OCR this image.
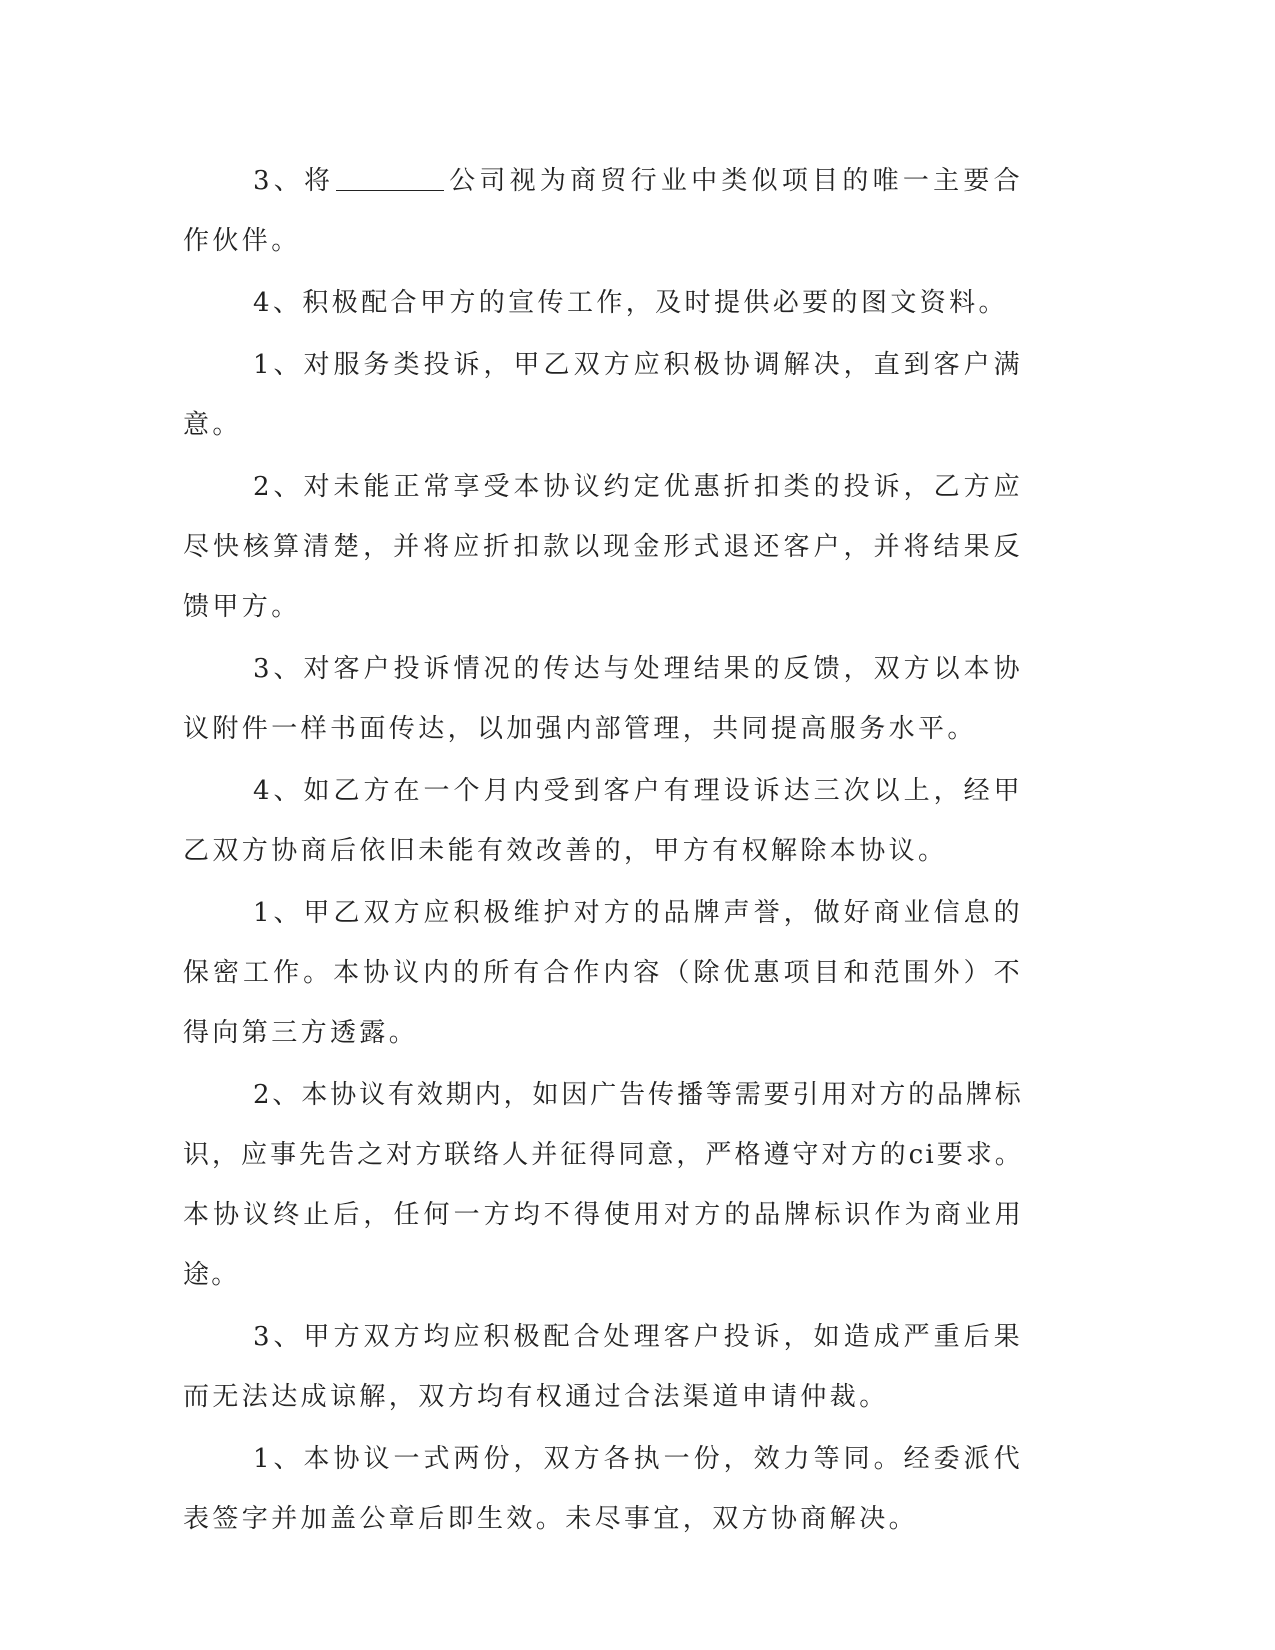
3、将	公司视为商贸行业中类似项目的唯一主要合作伙伴。

4、积极配合甲方的宣传工作，及时提供必要的图文资料。

1、对服务类投诉，甲乙双方应积极协调解决，直到客户满意。

2、对未能正常享受本协议约定优惠折扣类的投诉，乙方应尽快核算清楚，并将应折扣款以现金形式退还客户，并将结果反馈甲方。

3、对客户投诉情况的传达与处理结果的反馈，双方以本协议附件一样书面传达，以加强内部管理，共同提高服务水平。

4、如乙方在一个月内受到客户有理设诉达三次以上，经甲乙双方协商后依旧未能有效改善的，甲方有权解除本协议。

1、甲乙双方应积极维护对方的品牌声誉，做好商业信息的保密工作。本协议内的所有合作内容（除优惠项目和范围外）不得向第三方透露。

2、本协议有效期内，如因广告传播等需要引用对方的品牌标识，应事先告之对方联络人并征得同意，严格遵守对方的ci要求。本协议终止后，任何一方均不得使用对方的品牌标识作为商业用途。

3、甲方双方均应积极配合处理客户投诉，如造成严重后果而无法达成谅解，双方均有权通过合法渠道申请仲裁。

1、本协议一式两份，双方各执一份，效力等同。经委派代表签字并加盖公章后即生效。未尽事宜，双方协商解决。
